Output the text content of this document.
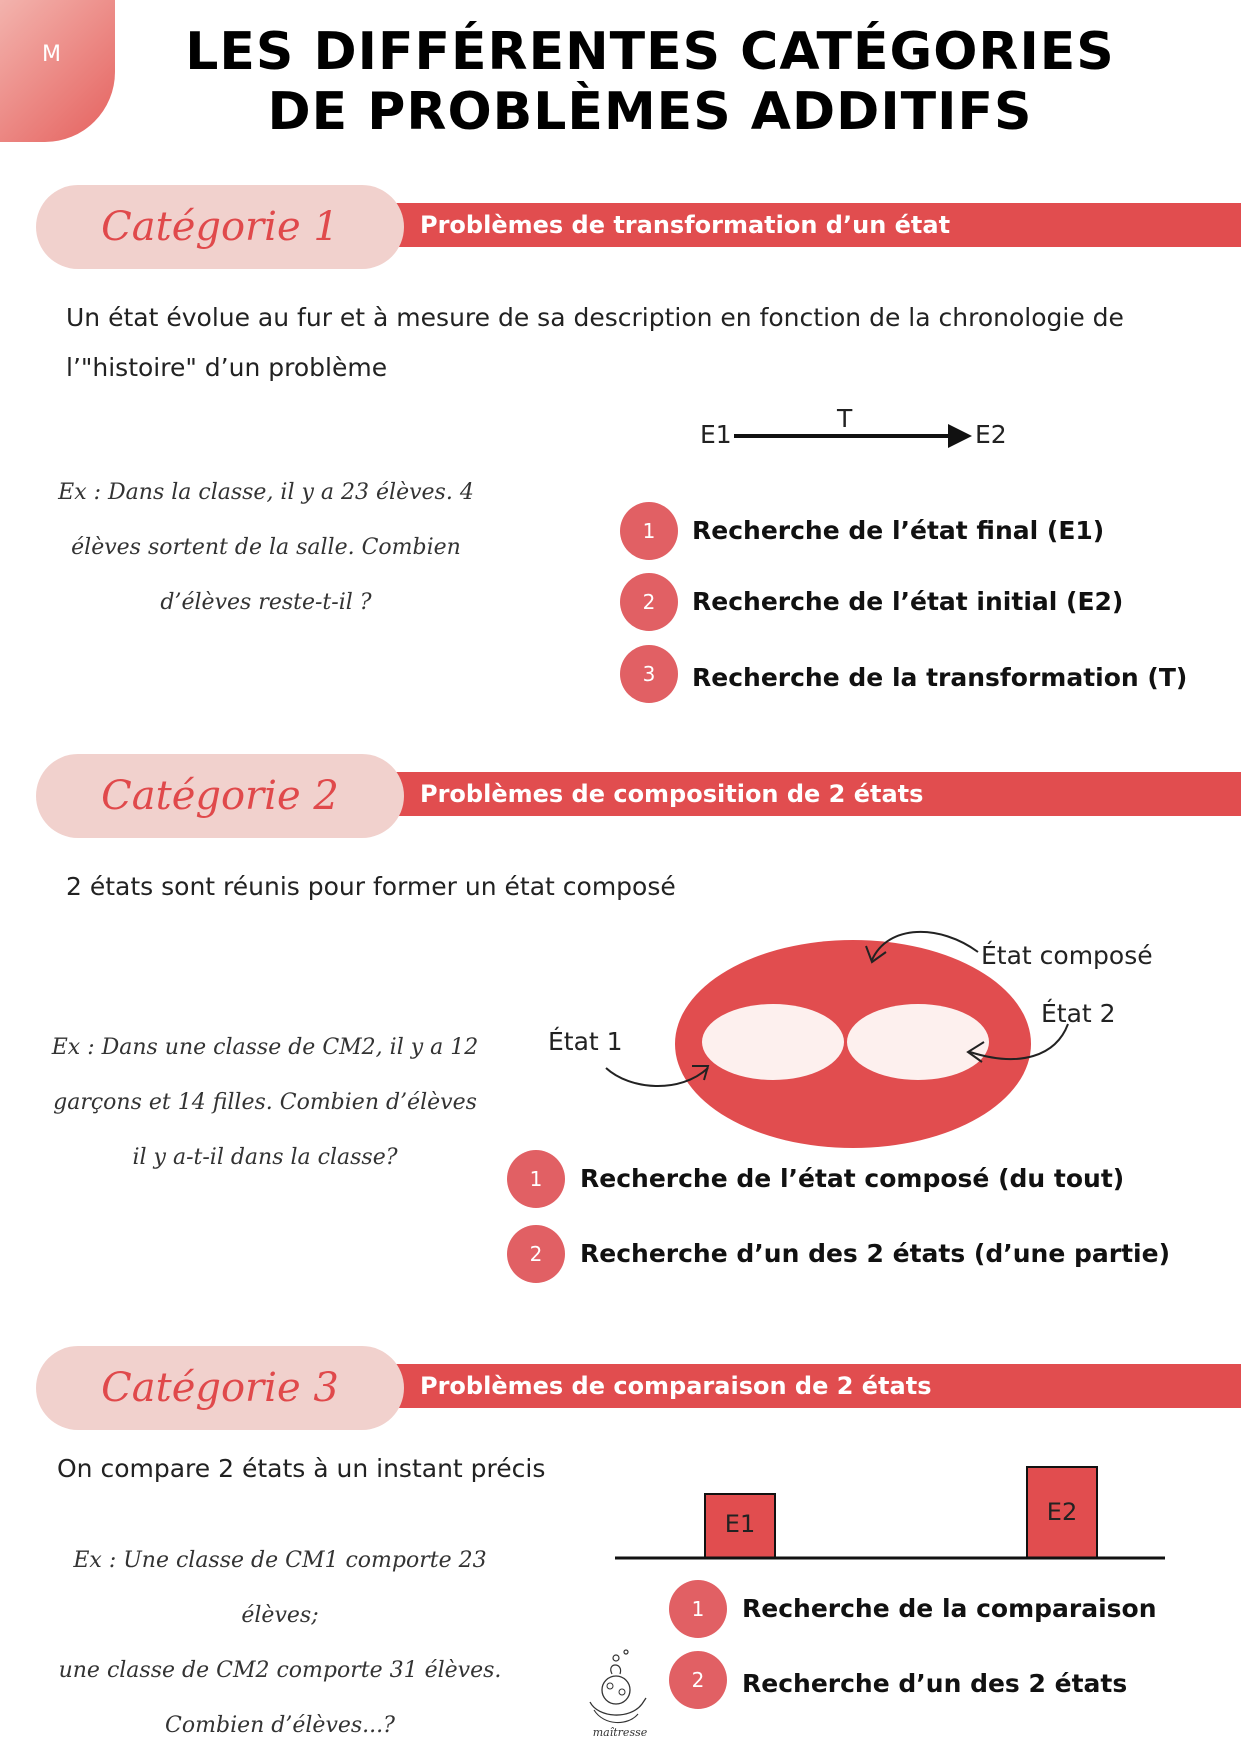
M LES DIFFÉRENTES CATÉGORIES
DE PROBLÈMES ADDITIFS
Problèmes de transformation d’un état
Catégorie 1
Un état évolue au fur et à mesure de sa description en fonction de la chronologie de
l’"histoire" d’un problème
E1
T
E2
Ex : Dans la classe, il y a 23 élèves. 4
élèves sortent de la salle. Combien
d’élèves reste-t-il ?
1	Recherche de l’état final (E1)
2	Recherche de l’état initial (E2)
3	Recherche de la transformation (T)
Problèmes de composition de 2 états
Catégorie 2
2 états sont réunis pour former un état composé
État composé
État 1
État 2
Ex : Dans une classe de CM2, il y a 12
garçons et 14 filles. Combien d’élèves
il y a-t-il dans la classe?
1	Recherche de l’état composé (du tout)
2	Recherche d’un des 2 états (d’une partie)
Problèmes de comparaison de 2 états
Catégorie 3
On compare 2 états à un instant précis
E1	E2
Ex : Une classe de CM1 comporte 23 élèves;
une classe de CM2 comporte 31 élèves.
Combien d’élèves...?
1	Recherche de la comparaison
2	Recherche d’un des 2 états
maîtresse
